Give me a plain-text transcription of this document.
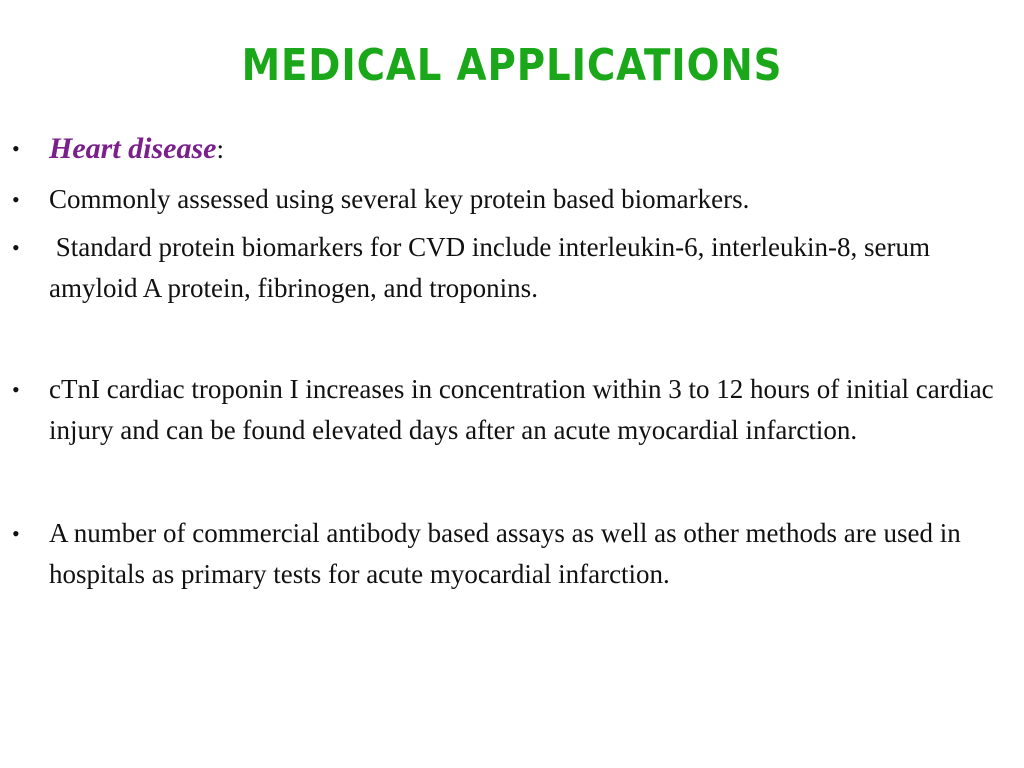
MEDICAL APPLICATIONS
• Heart disease:
• Commonly assessed using several key protein based biomarkers.
• Standard protein biomarkers for CVD include interleukin-6, interleukin-8, serum amyloid A protein, fibrinogen, and troponins.
• cTnI cardiac troponin I increases in concentration within 3 to 12 hours of initial cardiac injury and can be found elevated days after an acute myocardial infarction.
• A number of commercial antibody based assays as well as other methods are used in hospitals as primary tests for acute myocardial infarction.
